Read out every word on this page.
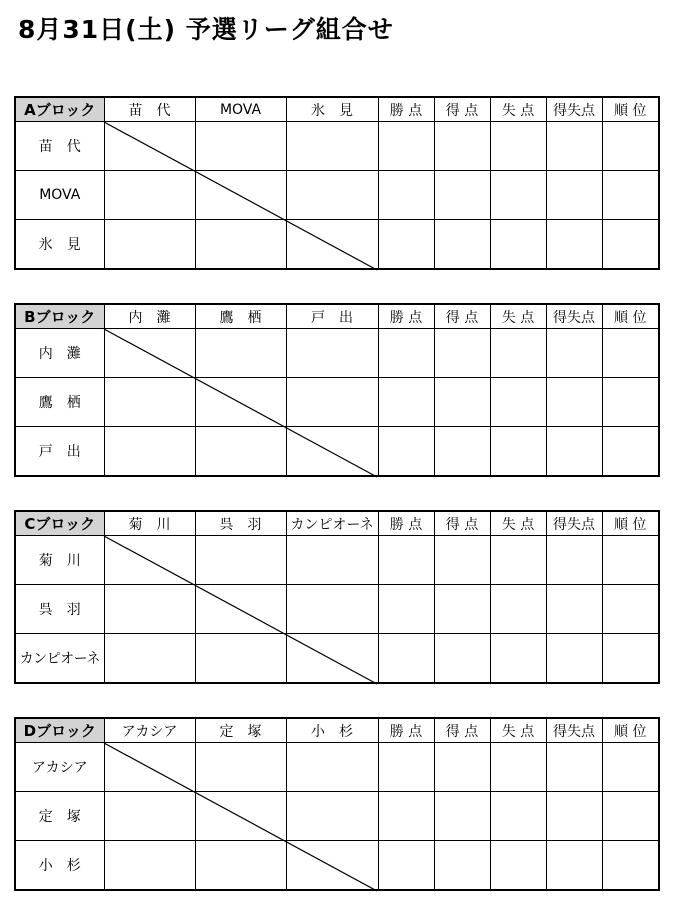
8月31日(土) 予選リーグ組合せ
Aブロック	苗　代	MOVA	氷　見	勝 点	得 点	失 点	得失点	順 位
苗　代								
MOVA								
氷　見								
Bブロック	内　灘	鷹　栖	戸　出	勝 点	得 点	失 点	得失点	順 位
内　灘								
鷹　栖								
戸　出								
Cブロック	菊　川	呉　羽	カンピオーネ	勝 点	得 点	失 点	得失点	順 位
菊　川								
呉　羽								
カンピオーネ								
Dブロック	アカシア	定　塚	小　杉	勝 点	得 点	失 点	得失点	順 位
アカシア								
定　塚								
小　杉								
